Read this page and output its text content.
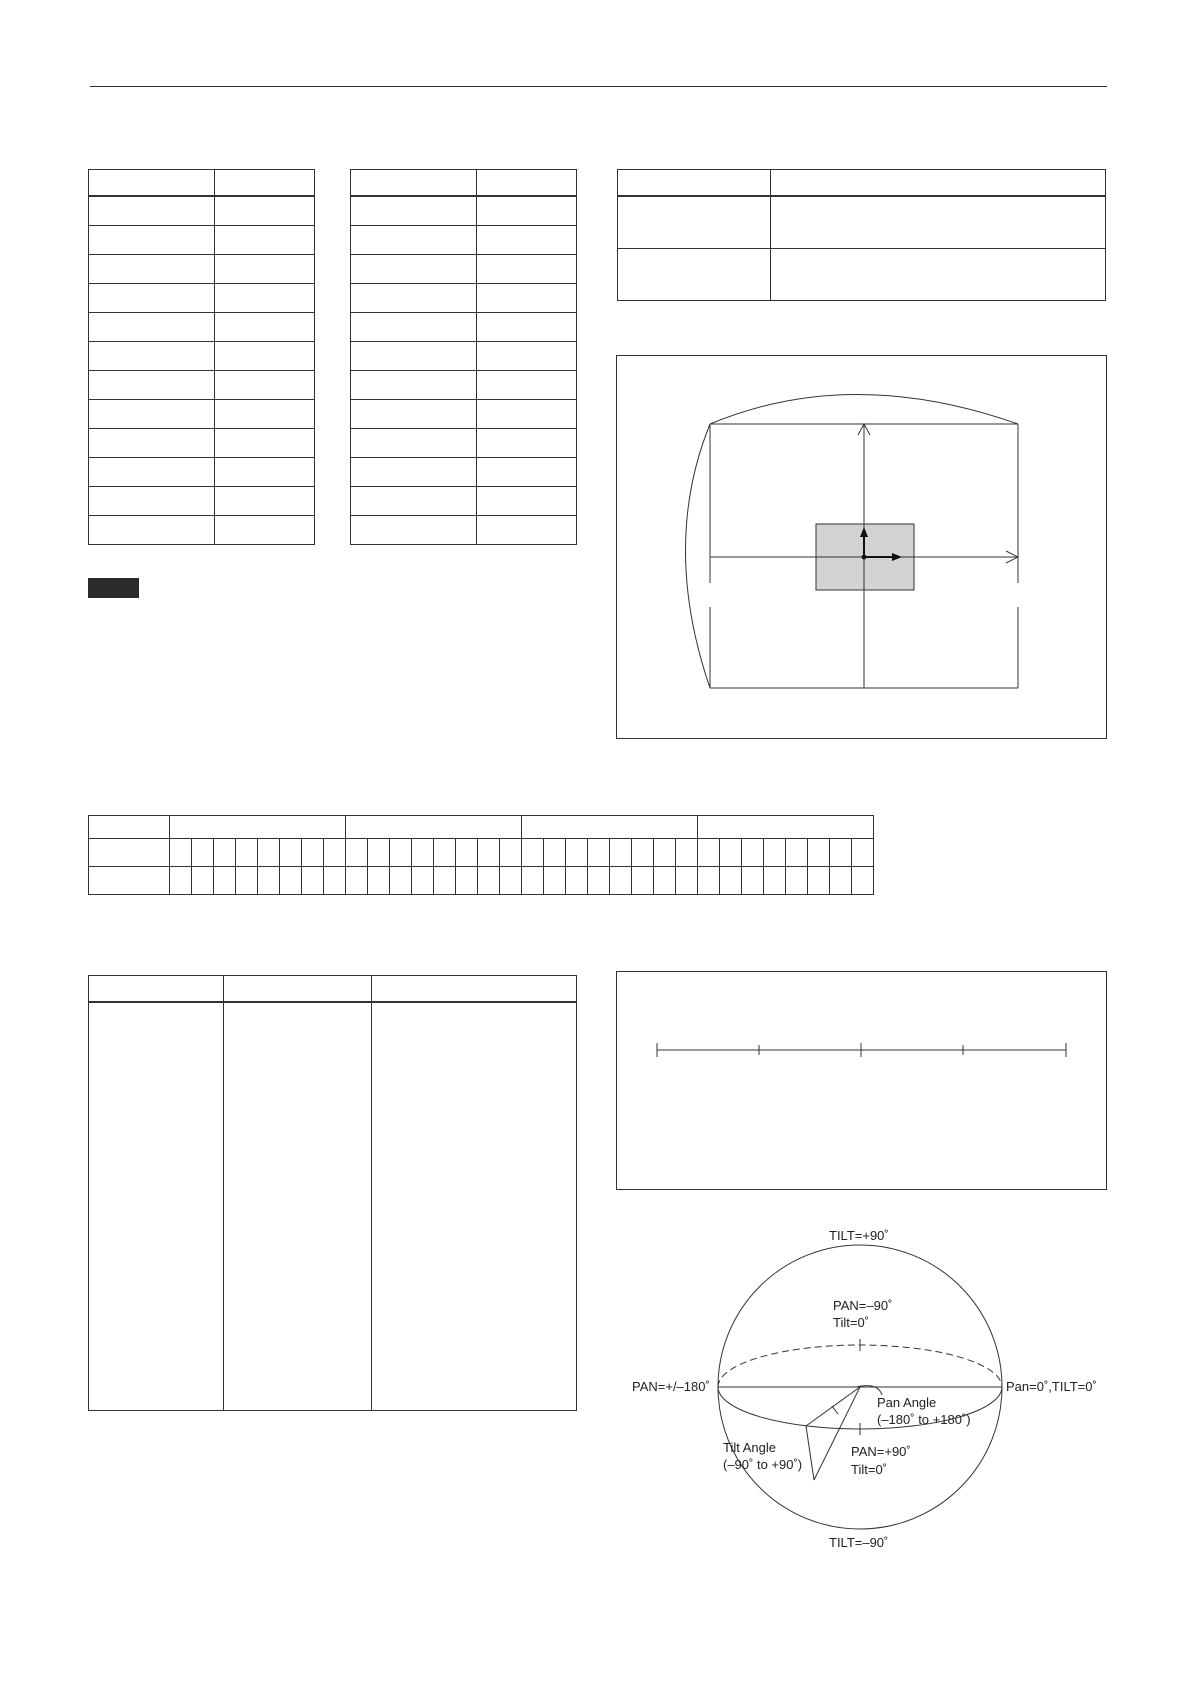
TILT=+90˚
PAN=–90˚
Tilt=0˚
PAN=+/–180˚	Pan=0˚,TILT=0˚
Pan Angle
(–180˚ to +180˚)
Tilt Angle
(–90˚ to +90˚)
PAN=+90˚
Tilt=0˚
TILT=–90˚
